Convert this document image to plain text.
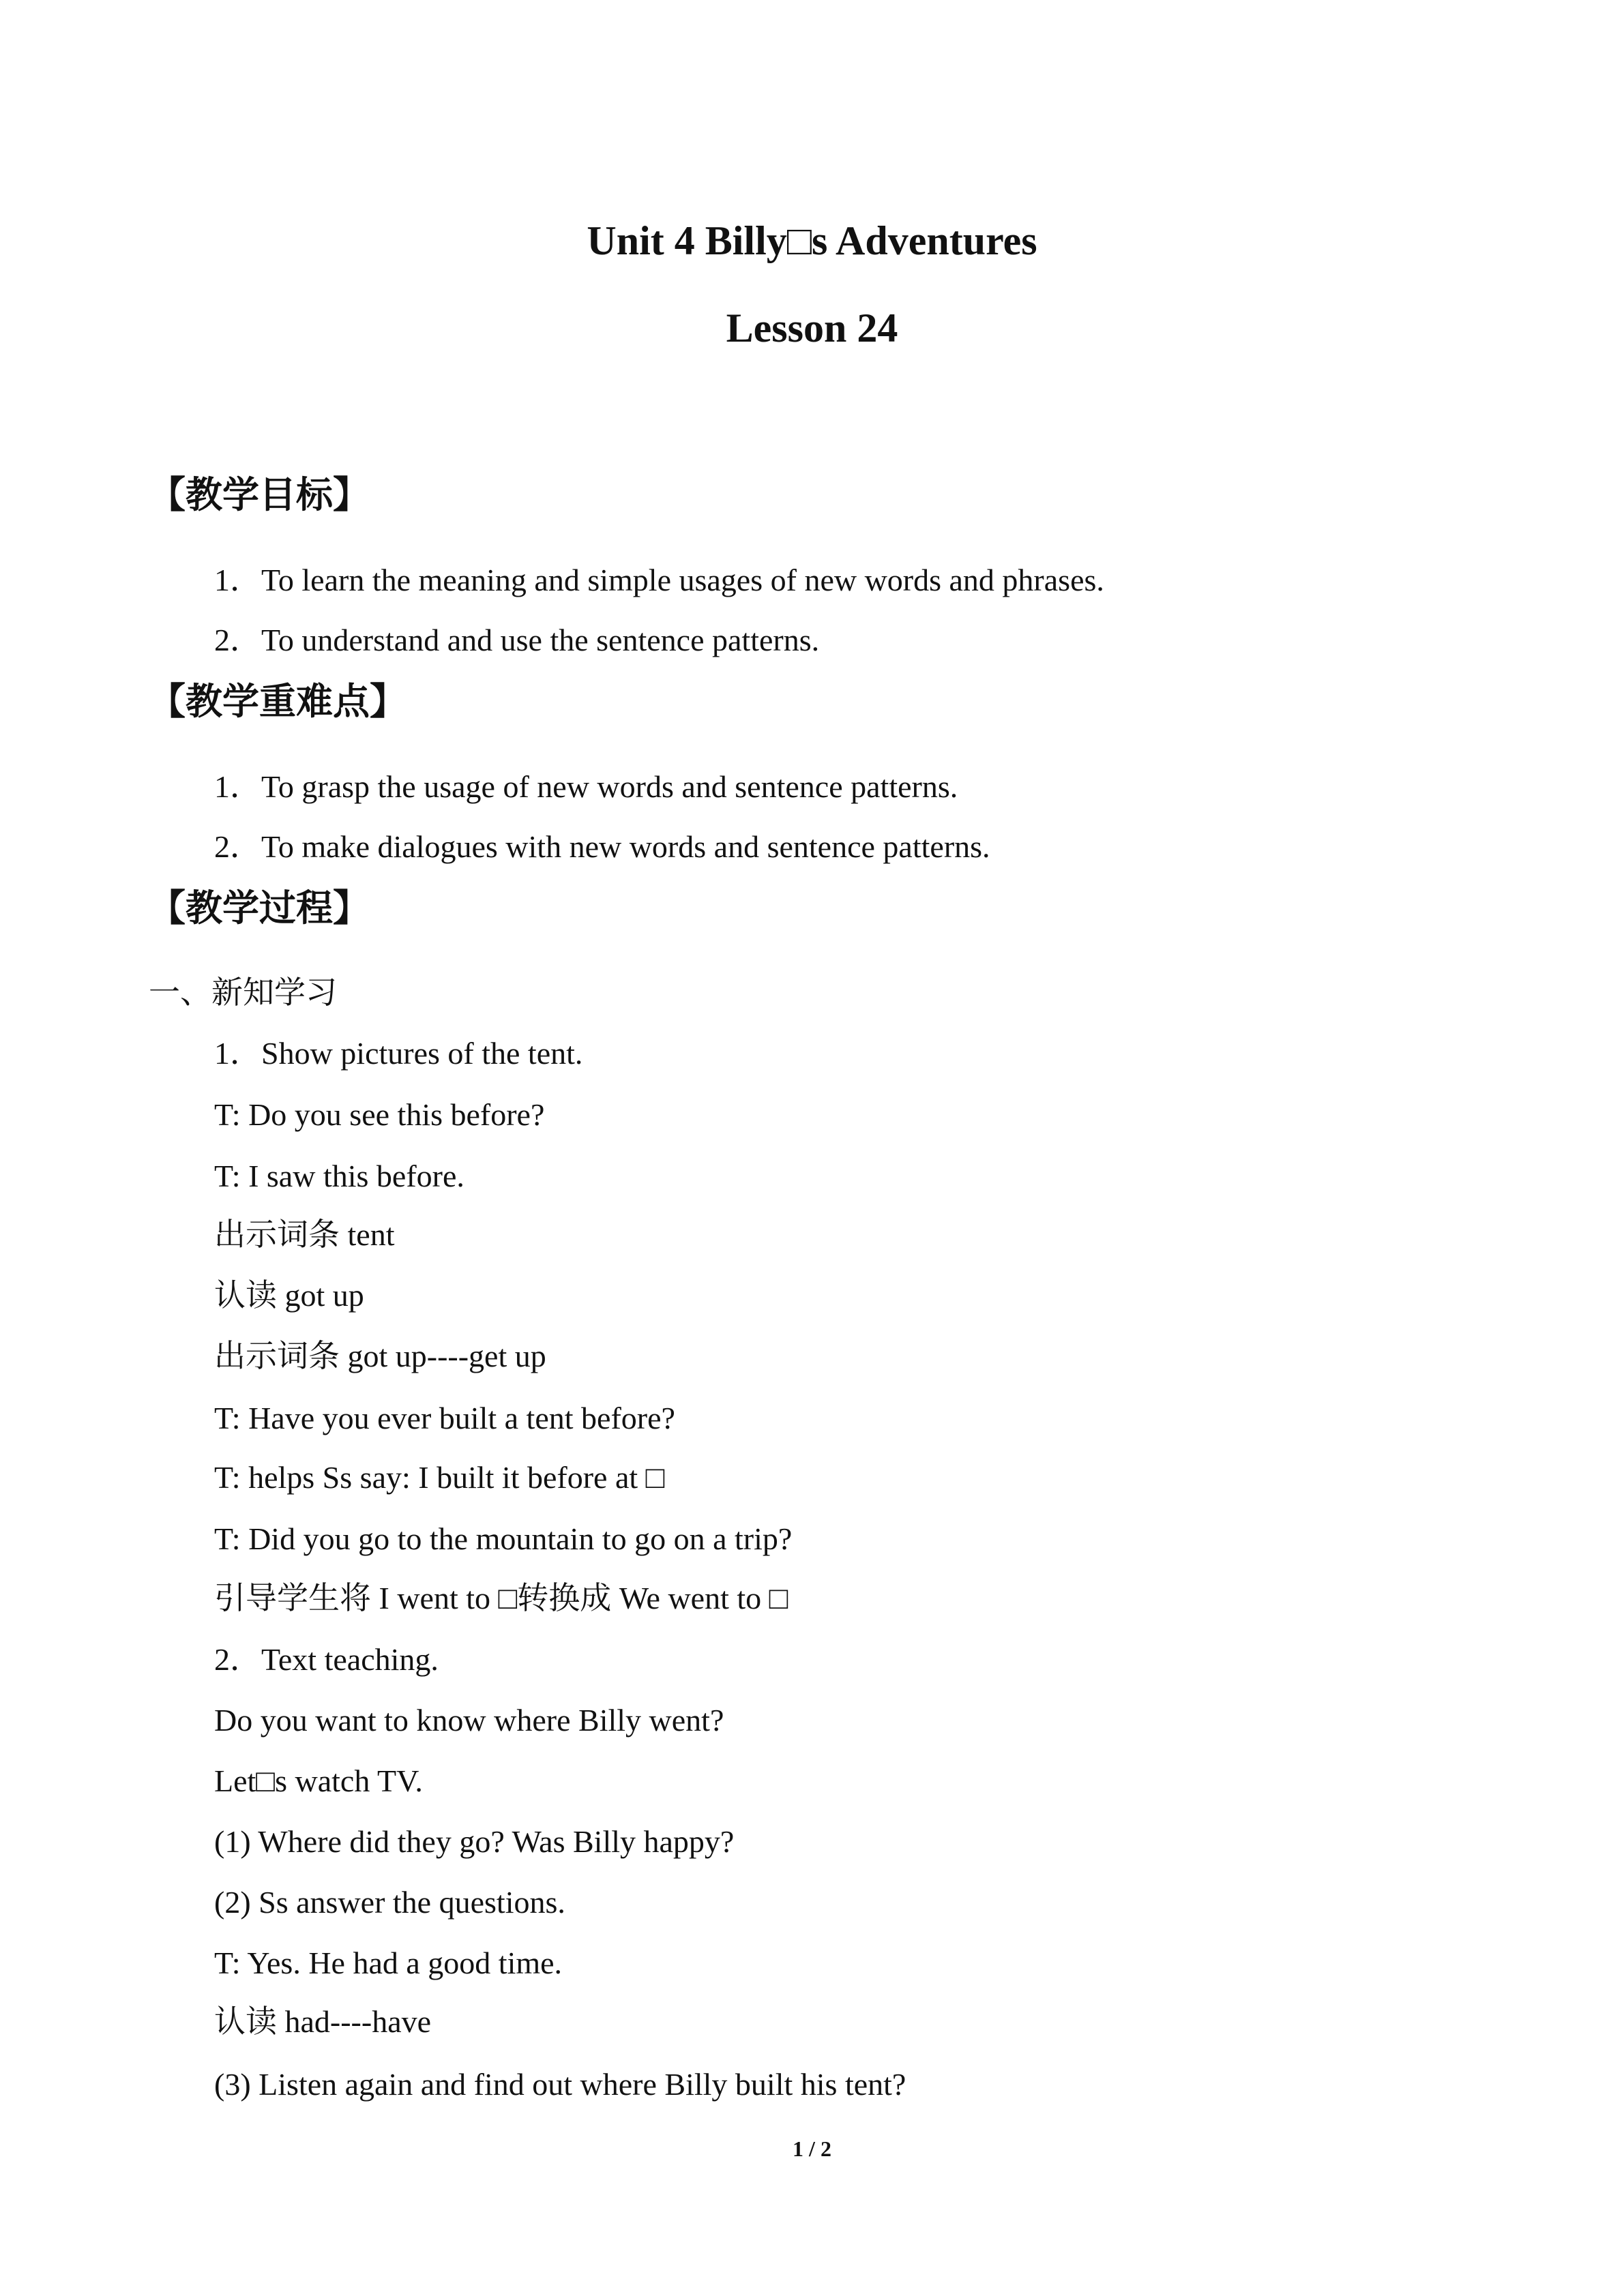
Unit 4 Billy□s Adventures
Lesson 24
【教学目标】
1．To learn the meaning and simple usages of new words and phrases.
2．To understand and use the sentence patterns.
【教学重难点】
1．To grasp the usage of new words and sentence patterns.
2．To make dialogues with new words and sentence patterns.
【教学过程】
一、新知学习
1．Show pictures of the tent.
T: Do you see this before?
T: I saw this before.
出示词条 tent
认读 got up
出示词条 got up----get up
T: Have you ever built a tent before?
T: helps Ss say: I built it before at □
T: Did you go to the mountain to go on a trip?
引导学生将 I went to □转换成 We went to □
2．Text teaching.
Do you want to know where Billy went?
Let□s watch TV.
(1) Where did they go? Was Billy happy?
(2) Ss answer the questions.
T: Yes. He had a good time.
认读 had----have
(3) Listen again and find out where Billy built his tent?
1 / 2
